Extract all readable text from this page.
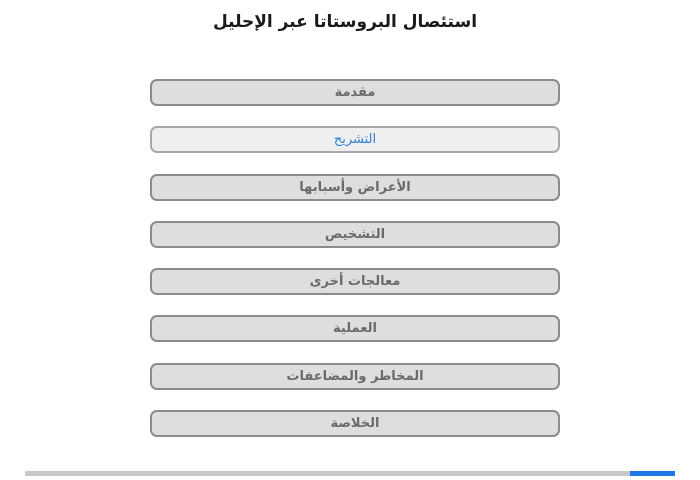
استئصال البروستاتا عبر الإحليل
مقدمة
التشريح
الأعراض وأسبابها
التشخيص
معالجات أخرى
العملية
المخاطر والمضاعفات
الخلاصة
